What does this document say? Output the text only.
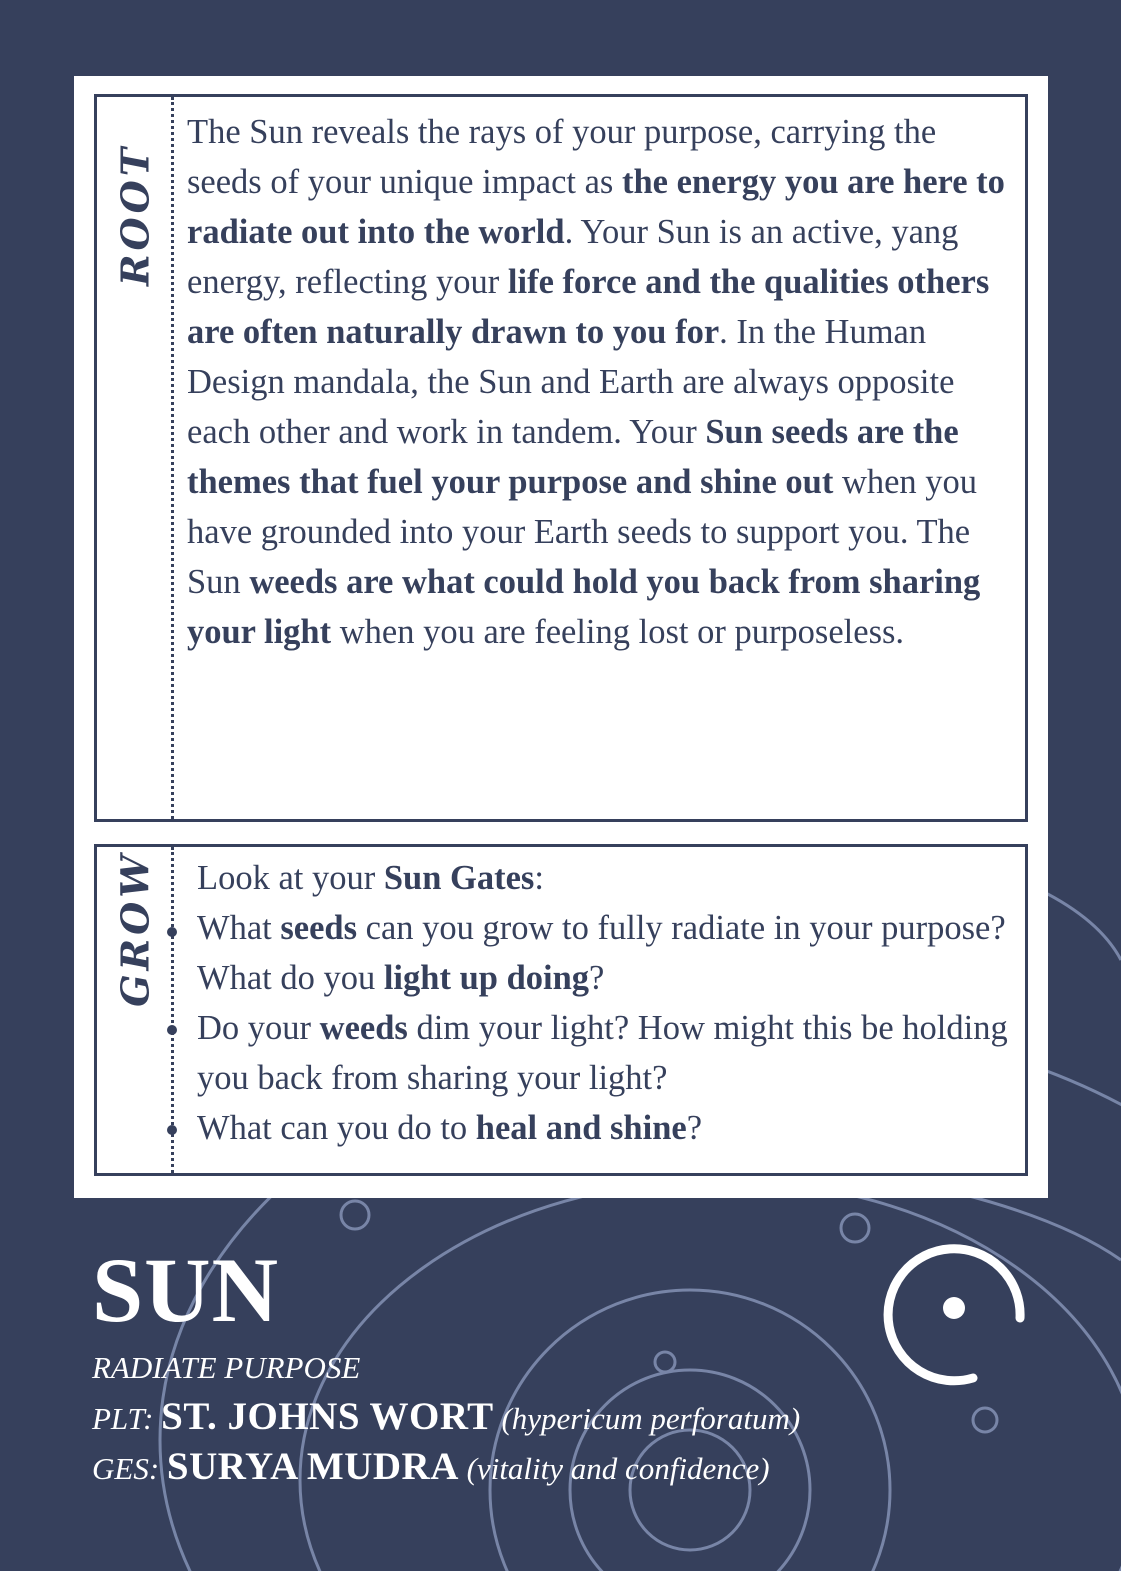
ROOT
The Sun reveals the rays of your purpose, carrying the seeds of your unique impact as the energy you are here to radiate out into the world. Your Sun is an active, yang energy, reflecting your life force and the qualities others are often naturally drawn to you for. In the Human Design mandala, the Sun and Earth are always opposite each other and work in tandem. Your Sun seeds are the themes that fuel your purpose and shine out when you have grounded into your Earth seeds to support you. The Sun weeds are what could hold you back from sharing your light when you are feeling lost or purposeless.
GROW Look at your Sun Gates:
What seeds can you grow to fully radiate in your purpose? What do you light up doing?
Do your weeds dim your light? How might this be holding you back from sharing your light?
What can you do to heal and shine?
SUN
RADIATE PURPOSE
PLT: ST. JOHNS WORT (hypericum perforatum)
GES: SURYA MUDRA (vitality and confidence)
